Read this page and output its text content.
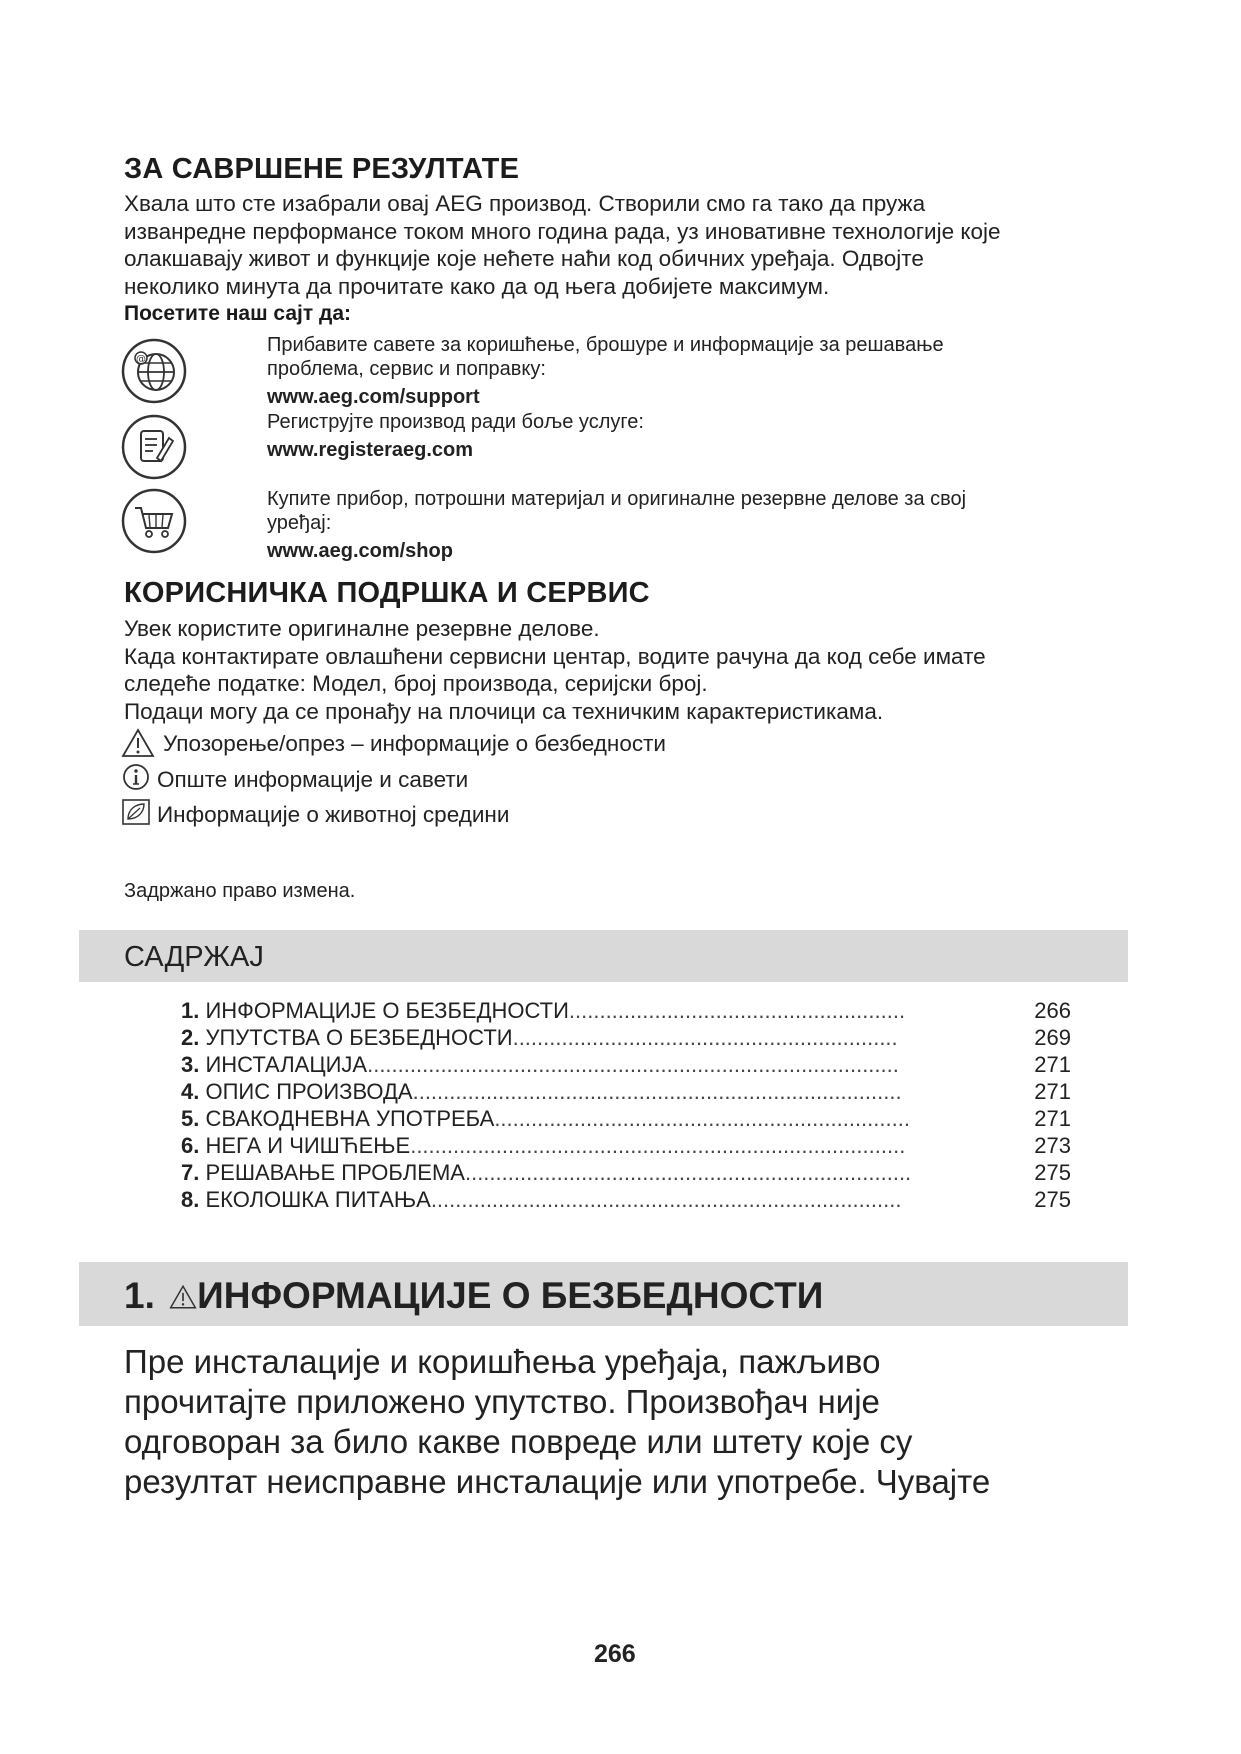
ЗА САВРШЕНЕ РЕЗУЛТАТЕ
Хвала што сте изабрали овај AEG производ. Створили смо га тако да пружа
изванредне перформансе током много година рада, уз иновативне технологије које
олакшавају живот и функције које нећете наћи код обичних уређаја. Одвојте
неколико минута да прочитате како да од њега добијете максимум.
Посетите наш сајт да:
@
Прибавите савете за коришћење, брошуре и информације за решавање
проблема, сервис и поправку:
www.aeg.com/support
Региструјте производ ради боље услуге:
www.registeraeg.com
Купите прибор, потрошни материјал и оригиналне резервне делове за свој
уређај:
www.aeg.com/shop
КОРИСНИЧКА ПОДРШКА И СЕРВИС
Увек користите оригиналне резервне делове.
Када контактирате овлашћени сервисни центар, водите рачуна да код себе имате
следеће податке: Модел, број производа, серијски број.
Подаци могу да се пронађу на плочици са техничким карактеристикама.
Упозорење/опрез – информације о безбедности
Опште информације и савети
Информације о животној средини
Задржано право измена.
САДРЖАЈ
1. ИНФОРМАЦИЈЕ О БЕЗБЕДНОСТИ.......................................................	266
2. УПУТСТВА О БЕЗБЕДНОСТИ...............................................................	269
3. ИНСТАЛАЦИЈА.......................................................................................	271
4. ОПИС ПРОИЗВОДА................................................................................	271
5. СВАКОДНЕВНА УПОТРЕБА....................................................................	271
6. НЕГА И ЧИШЋЕЊЕ.................................................................................	273
7. РЕШАВАЊЕ ПРОБЛЕМА.........................................................................	275
8. ЕКОЛОШКА ПИТАЊА.............................................................................	275
1. ИНФОРМАЦИЈЕ О БЕЗБЕДНОСТИ
Пре инсталације и коришћења уређаја, пажљиво
прочитајте приложено упутство. Произвођач није
одговоран за било какве повреде или штету које су
резултат неисправне инсталације или употребе. Чувајте
266
